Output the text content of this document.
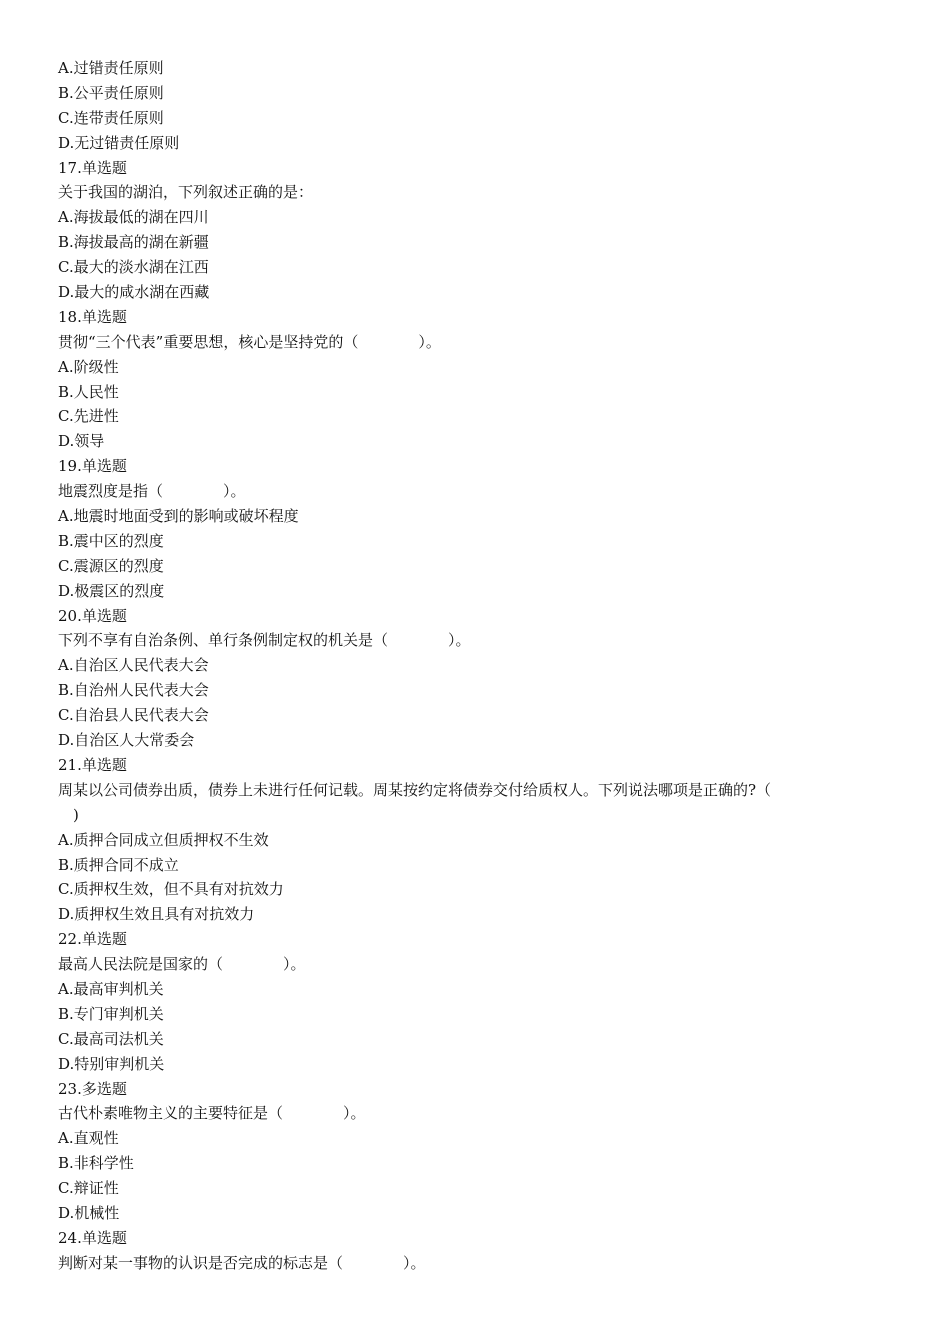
A.过错责任原则
B.公平责任原则
C.连带责任原则
D.无过错责任原则
17.单选题
关于我国的湖泊，下列叙述正确的是：
A.海拔最低的湖在四川
B.海拔最高的湖在新疆
C.最大的淡水湖在江西
D.最大的咸水湖在西藏
18.单选题
贯彻“三个代表”重要思想，核心是坚持党的（　　　　）。
A.阶级性
B.人民性
C.先进性
D.领导
19.单选题
地震烈度是指（　　　　）。
A.地震时地面受到的影响或破坏程度
B.震中区的烈度
C.震源区的烈度
D.极震区的烈度
20.单选题
下列不享有自治条例、单行条例制定权的机关是（　　　　）。
A.自治区人民代表大会
B.自治州人民代表大会
C.自治县人民代表大会
D.自治区人大常委会
21.单选题
周某以公司债券出质，债券上未进行任何记载。周某按约定将债券交付给质权人。下列说法哪项是正确的?（
　)
A.质押合同成立但质押权不生效
B.质押合同不成立
C.质押权生效，但不具有对抗效力
D.质押权生效且具有对抗效力
22.单选题
最高人民法院是国家的（　　　　）。
A.最高审判机关
B.专门审判机关
C.最高司法机关
D.特别审判机关
23.多选题
古代朴素唯物主义的主要特征是（　　　　）。
A.直观性
B.非科学性
C.辩证性
D.机械性
24.单选题
判断对某一事物的认识是否完成的标志是（　　　　）。
